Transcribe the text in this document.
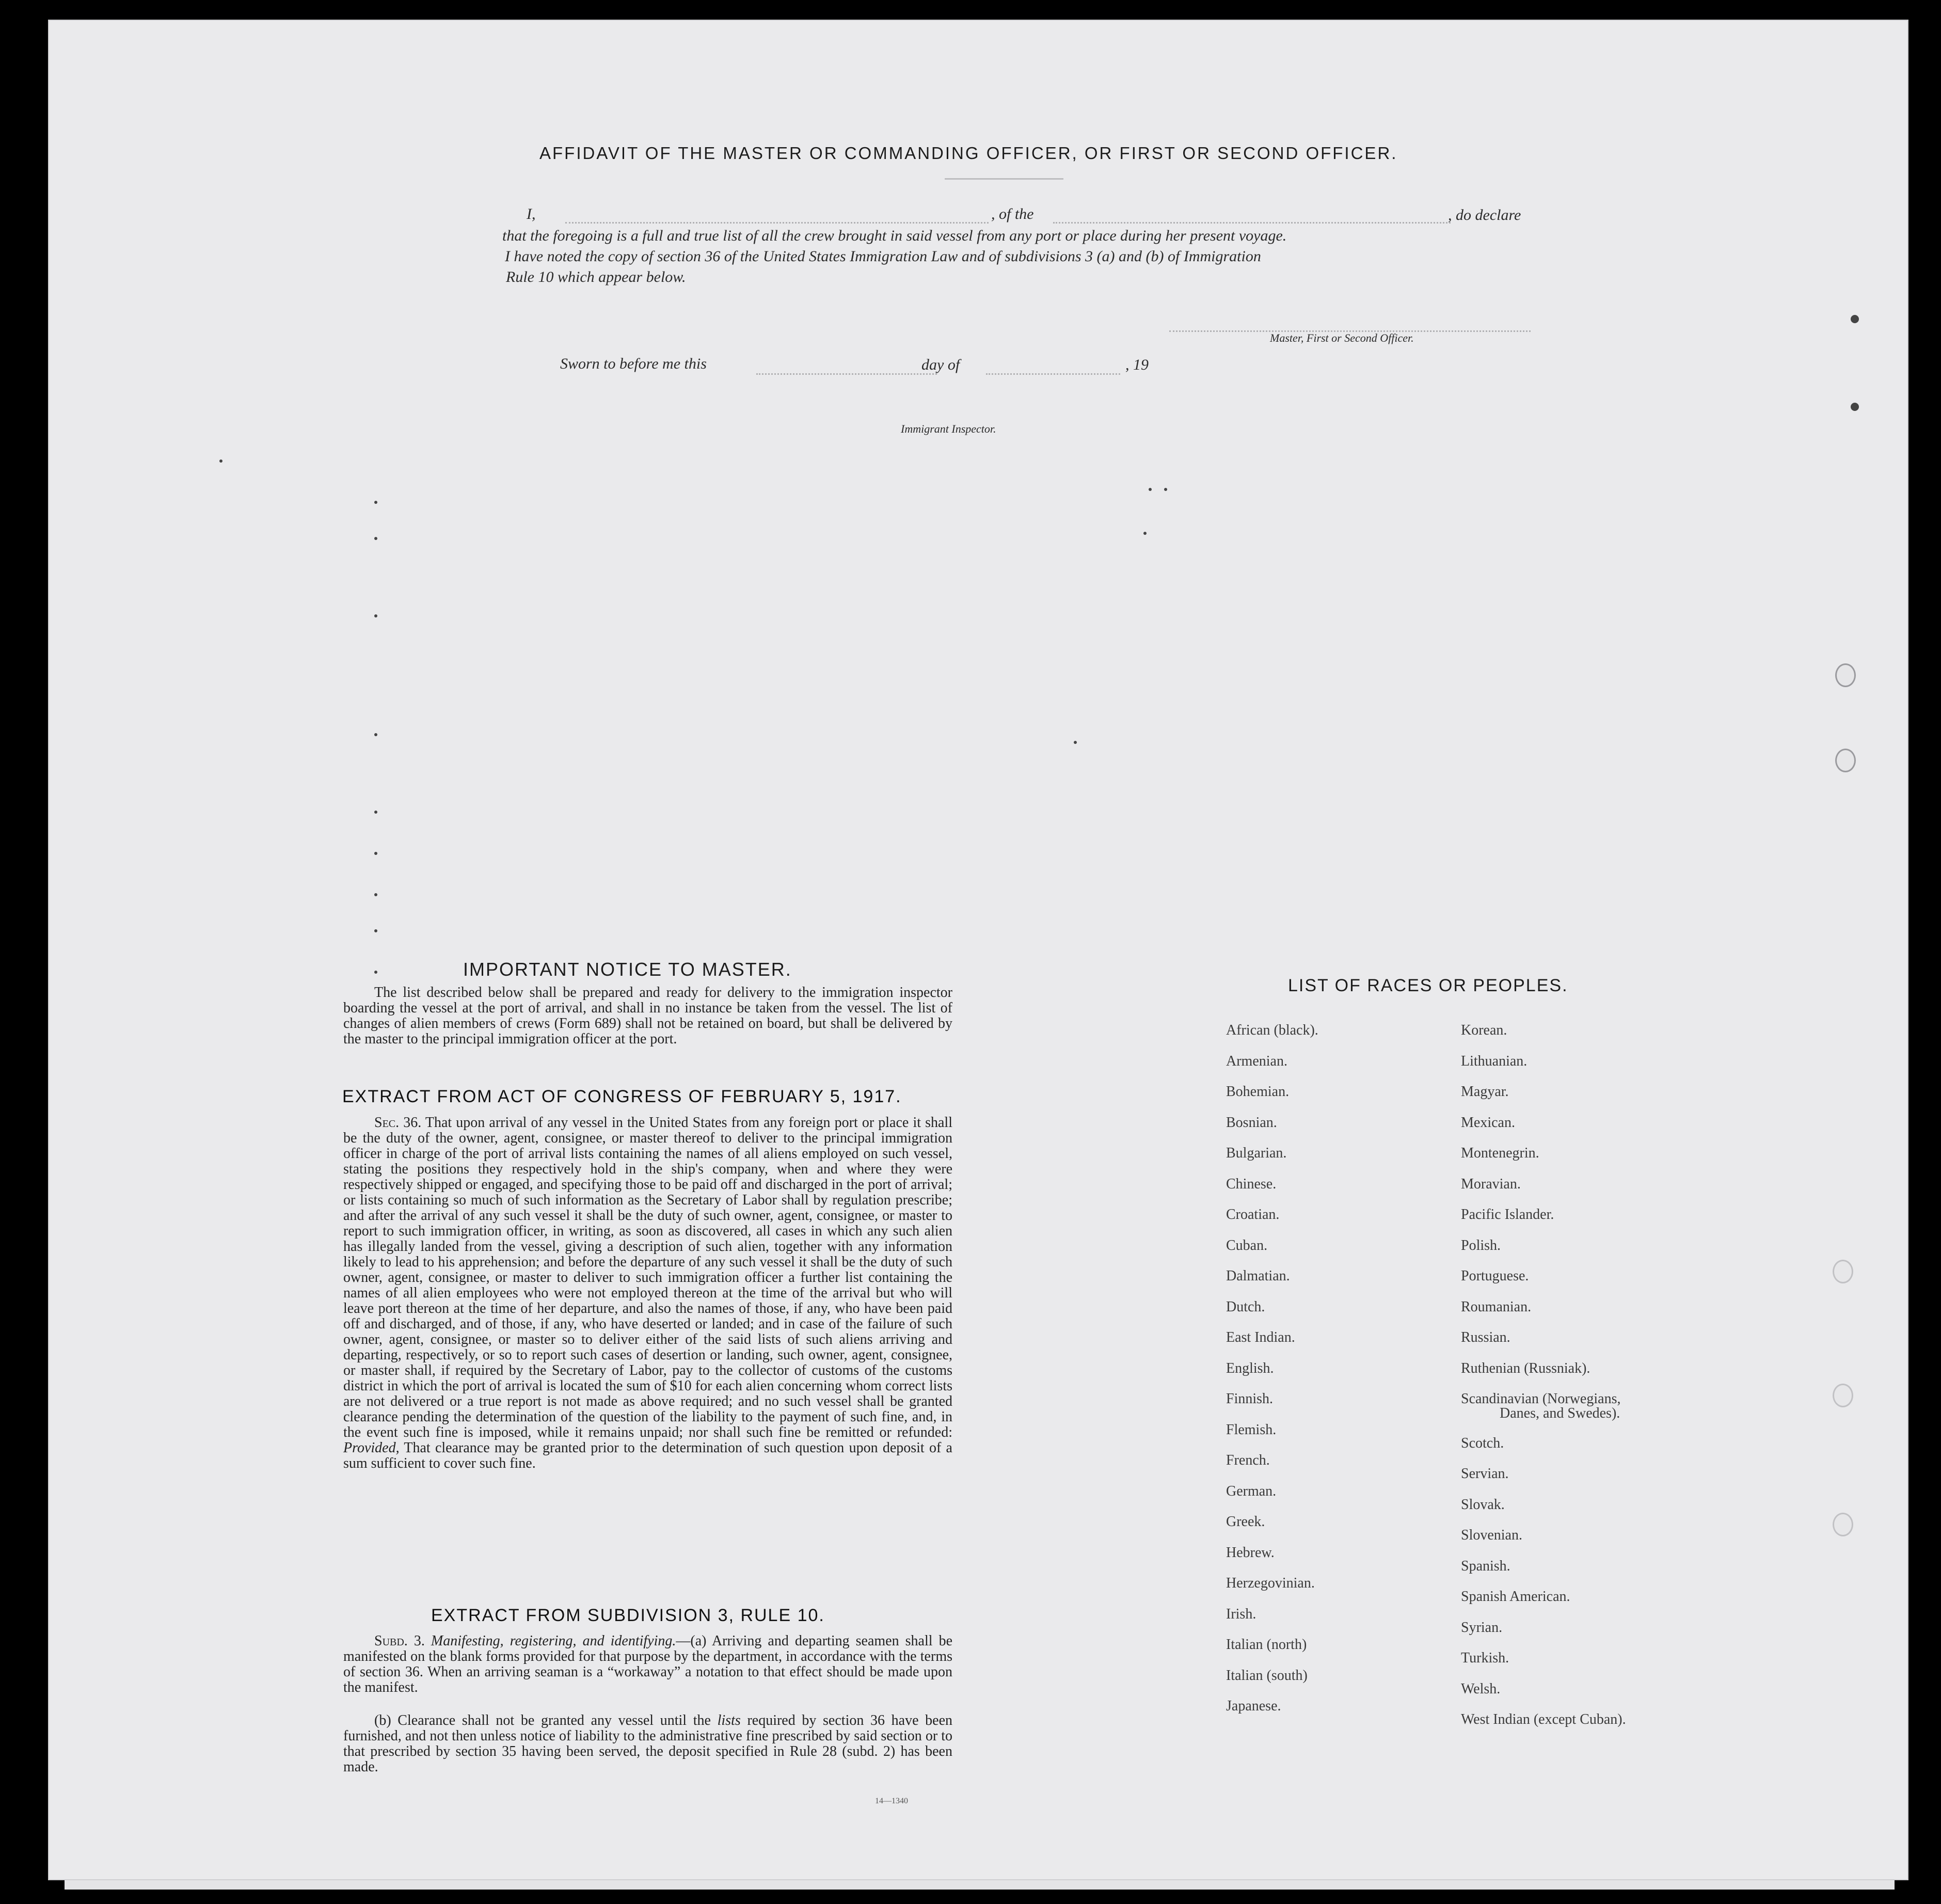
AFFIDAVIT OF THE MASTER OR COMMANDING OFFICER, OR FIRST OR SECOND OFFICER.
I,	, of the	, do declare
that the foregoing is a full and true list of all the crew brought in said vessel from any port or place during her present voyage.
I have noted the copy of section 36 of the United States Immigration Law and of subdivisions 3 (a) and (b) of Immigration
Rule 10 which appear below.
Master, First or Second Officer.
Sworn to before me this	day of	, 19
Immigrant Inspector.
IMPORTANT NOTICE TO MASTER.
The list described below shall be prepared and ready for delivery to the immigration inspector boarding the vessel at the port of arrival, and shall in no instance be taken from the vessel. The list of changes of alien members of crews (Form 689) shall not be retained on board, but shall be delivered by the master to the principal immigration officer at the port.
EXTRACT FROM ACT OF CONGRESS OF FEBRUARY 5, 1917.
Sec. 36. That upon arrival of any vessel in the United States from any foreign port or place it shall be the duty of the owner, agent, consignee, or master thereof to deliver to the principal immigration officer in charge of the port of arrival lists containing the names of all aliens employed on such vessel, stating the positions they respectively hold in the ship's company, when and where they were respectively shipped or engaged, and specifying those to be paid off and discharged in the port of arrival; or lists containing so much of such information as the Secretary of Labor shall by regulation prescribe; and after the arrival of any such vessel it shall be the duty of such owner, agent, consignee, or master to report to such immigration officer, in writing, as soon as discovered, all cases in which any such alien has illegally landed from the vessel, giving a description of such alien, together with any information likely to lead to his apprehension; and before the departure of any such vessel it shall be the duty of such owner, agent, consignee, or master to deliver to such immigration officer a further list containing the names of all alien employees who were not employed thereon at the time of the arrival but who will leave port thereon at the time of her departure, and also the names of those, if any, who have been paid off and discharged, and of those, if any, who have deserted or landed; and in case of the failure of such owner, agent, consignee, or master so to deliver either of the said lists of such aliens arriving and departing, respectively, or so to report such cases of desertion or landing, such owner, agent, consignee, or master shall, if required by the Secretary of Labor, pay to the collector of customs of the customs district in which the port of arrival is located the sum of $10 for each alien concerning whom correct lists are not delivered or a true report is not made as above required; and no such vessel shall be granted clearance pending the determination of the question of the liability to the payment of such fine, and, in the event such fine is imposed, while it remains unpaid; nor shall such fine be remitted or refunded: Provided, That clearance may be granted prior to the determination of such question upon deposit of a sum sufficient to cover such fine.
EXTRACT FROM SUBDIVISION 3, RULE 10.
Subd. 3. Manifesting, registering, and identifying.—(a) Arriving and departing seamen shall be manifested on the blank forms provided for that purpose by the department, in accordance with the terms of section 36. When an arriving seaman is a “workaway” a notation to that effect should be made upon the manifest.
(b) Clearance shall not be granted any vessel until the lists required by section 36 have been furnished, and not then unless notice of liability to the administrative fine prescribed by said section or to that prescribed by section 35 having been served, the deposit specified in Rule 28 (subd. 2) has been made.
14—1340
LIST OF RACES OR PEOPLES.
African (black).
Armenian.
Bohemian.
Bosnian.
Bulgarian.
Chinese.
Croatian.
Cuban.
Dalmatian.
Dutch.
East Indian.
English.
Finnish.
Flemish.
French.
German.
Greek.
Hebrew.
Herzegovinian.
Irish.
Italian (north)
Italian (south)
Japanese.
Korean.
Lithuanian.
Magyar.
Mexican.
Montenegrin.
Moravian.
Pacific Islander.
Polish.
Portuguese.
Roumanian.
Russian.
Ruthenian (Russniak).
Scandinavian (Norwegians,
Danes, and Swedes).
Scotch.
Servian.
Slovak.
Slovenian.
Spanish.
Spanish American.
Syrian.
Turkish.
Welsh.
West Indian (except Cuban).
